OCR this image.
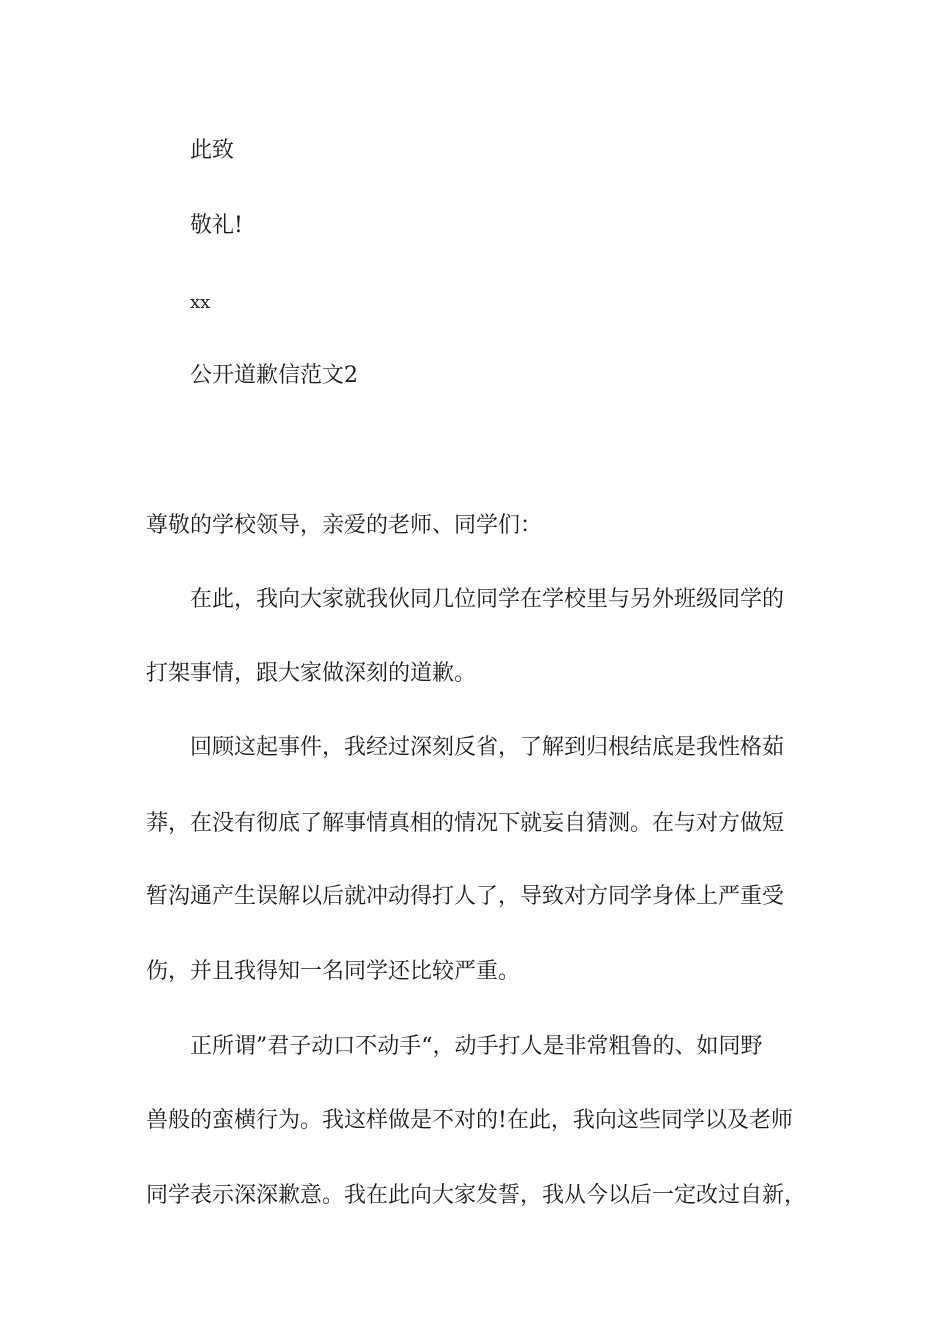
此致

敬礼!

xx

公开道歉信范文2

尊敬的学校领导，亲爱的老师、同学们：

在此，我向大家就我伙同几位同学在学校里与另外班级同学的

打架事情，跟大家做深刻的道歉。

回顾这起事件，我经过深刻反省，了解到归根结底是我性格茹

莽，在没有彻底了解事情真相的情况下就妄自猜测。在与对方做短

暂沟通产生误解以后就冲动得打人了，导致对方同学身体上严重受

伤，并且我得知一名同学还比较严重。

正所谓”君子动口不动手“，动手打人是非常粗鲁的、如同野

兽般的蛮横行为。我这样做是不对的!在此，我向这些同学以及老师

同学表示深深歉意。我在此向大家发誓，我从今以后一定改过自新，
